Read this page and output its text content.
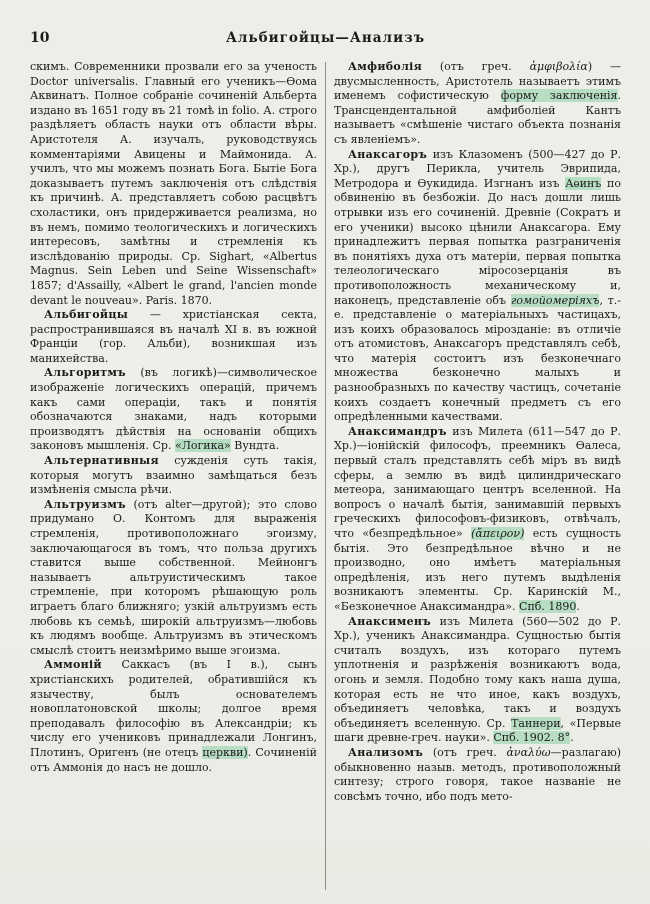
10	Альбигойцы—Анализъ

скимъ. Современники прозвали его за ученость Doctor universalis. Главный его ученикъ—Ѳома Аквинатъ. Полное собраніе сочиненій Альберта издано въ 1651 году въ 21 томѣ in folio. А. строго раздѣляетъ область науки отъ области вѣры. Аристотеля А. изучалъ, руководствуясь комментаріями Авицены и Маймонида. А. училъ, что мы можемъ познать Бога. Бытіе Бога доказываетъ путемъ заключенія отъ слѣдствія къ причинѣ. А. представляетъ собою расцвѣтъ схоластики, онъ придерживается реализма, но въ немъ, помимо теологическихъ и логическихъ интересовъ, замѣтны и стремленія къ изслѣдованію природы. Ср. Sighart, «Albertus Magnus. Sein Leben und Seine Wissenschaft» 1857; d'Assailly, «Albert le grand, l'ancien monde devant le nouveau». Paris. 1870.

Альбигойцы — христіанская секта, распространившаяся въ началѣ XI в. въ южной Франціи (гор. Альби), возникшая изъ манихейства.

Альгоритмъ (въ логикѣ)—символическое изображеніе логическихъ операцій, причемъ какъ сами операціи, такъ и понятія обозначаются знаками, надъ которыми производятъ дѣйствія на основаніи общихъ законовъ мышленія. Ср. «Логика» Вундта.

Альтернативныя сужденія суть такія, которыя могутъ взаимно замѣщаться безъ измѣненія смысла рѣчи.

Альтруизмъ (отъ alter—другой); это слово придумано О. Контомъ для выраженія стремленія, противоположнаго эгоизму, заключающагося въ томъ, что польза другихъ ставится выше собственной. Мейнонгъ называетъ альтруистическимъ такое стремленіе, при которомъ рѣшающую роль играетъ благо ближняго; узкій альтруизмъ есть любовь къ семьѣ, широкій альтруизмъ—любовь къ людямъ вообще. Альтруизмъ въ этическомъ смыслѣ стоитъ неизмѣримо выше эгоизма.

Аммоній Саккасъ (въ I в.), сынъ христіанскихъ родителей, обратившійся къ язычеству, былъ основателемъ новоплатоновской школы; долгое время преподавалъ философію въ Александріи; къ числу его учениковъ принадлежали Лонгинъ, Плотинъ, Оригенъ (не отецъ церкви). Сочиненій отъ Аммонія до насъ не дошло.

Амфиболія (отъ греч. ἀμφιβολία) — двусмысленность, Аристотель называетъ этимъ именемъ софистическую форму заключенія. Трансцендентальной амфиболіей Кантъ называетъ «смѣшеніе чистаго объекта познанія съ явленіемъ».

Анаксагоръ изъ Клазоменъ (500—427 до Р. Хр.), другъ Перикла, учитель Эврипида, Метродора и Ѳукидида. Изгнанъ изъ Аѳинъ по обвиненію въ безбожіи. До насъ дошли лишь отрывки изъ его сочиненій. Древніе (Сократъ и его ученики) высоко цѣнили Анаксагора. Ему принадлежитъ первая попытка разграниченія въ понятіяхъ духа отъ матеріи, первая попытка телеологическаго міросозерцанія въ противоположность механическому и, наконецъ, представленіе объ гомойомеріяхъ, т.-е. представленіе о матеріальныхъ частицахъ, изъ коихъ образовалось мірозданіе: въ отличіе отъ атомистовъ, Анаксагоръ представлялъ себѣ, что матерія состоитъ изъ безконечнаго множества безконечно малыхъ и разнообразныхъ по качеству частицъ, сочетаніе коихъ создаетъ конечный предметъ съ его опредѣленными качествами.

Анаксимандръ изъ Милета (611—547 до Р. Хр.)—іонійскій философъ, преемникъ Ѳалеса, первый сталъ представлять себѣ міръ въ видѣ сферы, а землю въ видѣ цилиндрическаго метеора, занимающаго центръ вселенной. На вопросъ о началѣ бытія, занимавшій первыхъ греческихъ философовъ-физиковъ, отвѣчалъ, что «безпредѣльное» (ἄπειρον) есть сущность бытія. Это безпредѣльное вѣчно и не производно, оно имѣетъ матеріальныя опредѣленія, изъ него путемъ выдѣленія возникаютъ элементы. Ср. Каринскій М., «Безконечное Анаксимандра». Спб. 1890.

Анаксименъ изъ Милета (560—502 до Р. Хр.), ученикъ Анаксимандра. Сущностью бытія считалъ воздухъ, изъ котораго путемъ уплотненія и разрѣженія возникаютъ вода, огонь и земля. Подобно тому какъ наша душа, которая есть не что иное, какъ воздухъ, объединяетъ человѣка, такъ и воздухъ объединяетъ вселенную. Ср. Таннери, «Первые шаги древне-греч. науки». Спб. 1902. 8°.

Анализомъ (отъ греч. ἀναλύω—разлагаю) обыкновенно назыв. методъ, противоположный синтезу; строго говоря, такое названіе не совсѣмъ точно, ибо подъ мето-
